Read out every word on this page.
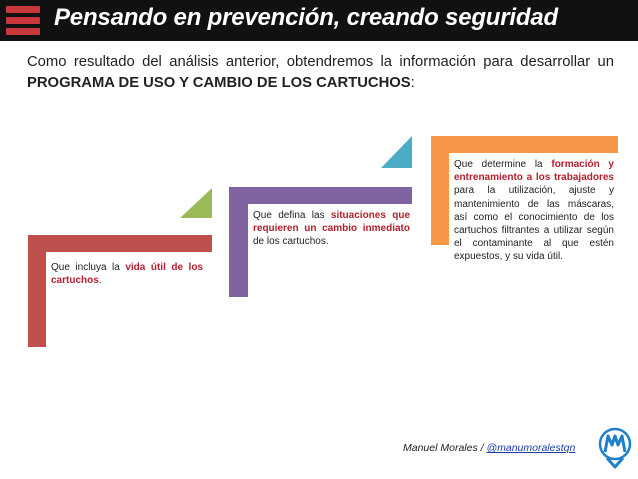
Pensando en prevención, creando seguridad
Como resultado del análisis anterior, obtendremos la información para desarrollar un PROGRAMA DE USO Y CAMBIO DE LOS CARTUCHOS:
Que incluya la vida útil de los cartuchos.
Que defina las situaciones que requieren un cambio inmediato de los cartuchos.
Que determine la formación y entrenamiento a los trabajadores para la utilización, ajuste y mantenimiento de las máscaras, así como el conocimiento de los cartuchos filtrantes a utilizar según el contaminante al que estén expuestos, y su vida útil.
Manuel Morales / @manumoralestqn
